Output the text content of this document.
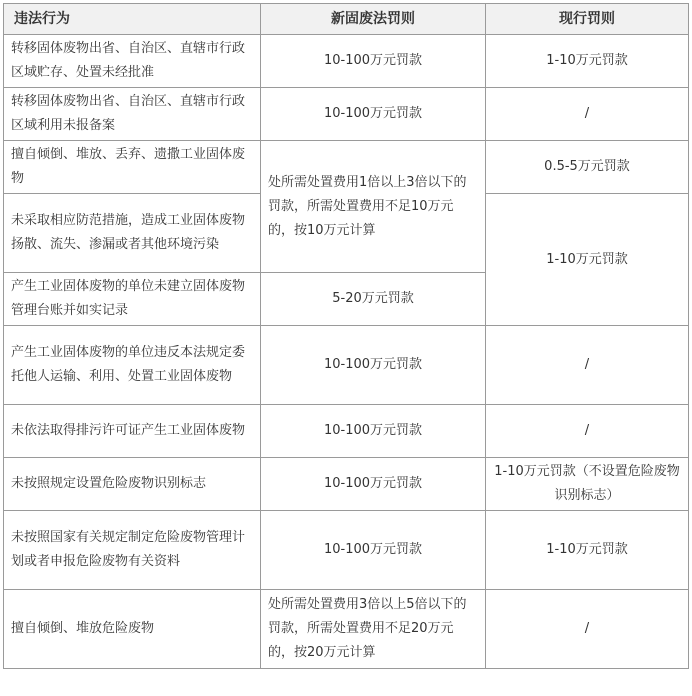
违法行为	新固废法罚则	现行罚则
转移固体废物出省、自治区、直辖市行政区域贮存、处置未经批准	10-100万元罚款	1-10万元罚款
转移固体废物出省、自治区、直辖市行政区域利用未报备案	10-100万元罚款	/
擅自倾倒、堆放、丢弃、遗撒工业固体废物	处所需处置费用1倍以上3倍以下的罚款，所需处置费用不足10万元的，按10万元计算	0.5-5万元罚款
未采取相应防范措施，造成工业固体废物扬散、流失、渗漏或者其他环境污染		1-10万元罚款
产生工业固体废物的单位未建立固体废物管理台账并如实记录	5-20万元罚款	
产生工业固体废物的单位违反本法规定委托他人运输、利用、处置工业固体废物	10-100万元罚款	/
未依法取得排污许可证产生工业固体废物	10-100万元罚款	/
未按照规定设置危险废物识别标志	10-100万元罚款	1-10万元罚款（不设置危险废物识别标志）
未按照国家有关规定制定危险废物管理计划或者申报危险废物有关资料	10-100万元罚款	1-10万元罚款
擅自倾倒、堆放危险废物	处所需处置费用3倍以上5倍以下的罚款，所需处置费用不足20万元的，按20万元计算	/
